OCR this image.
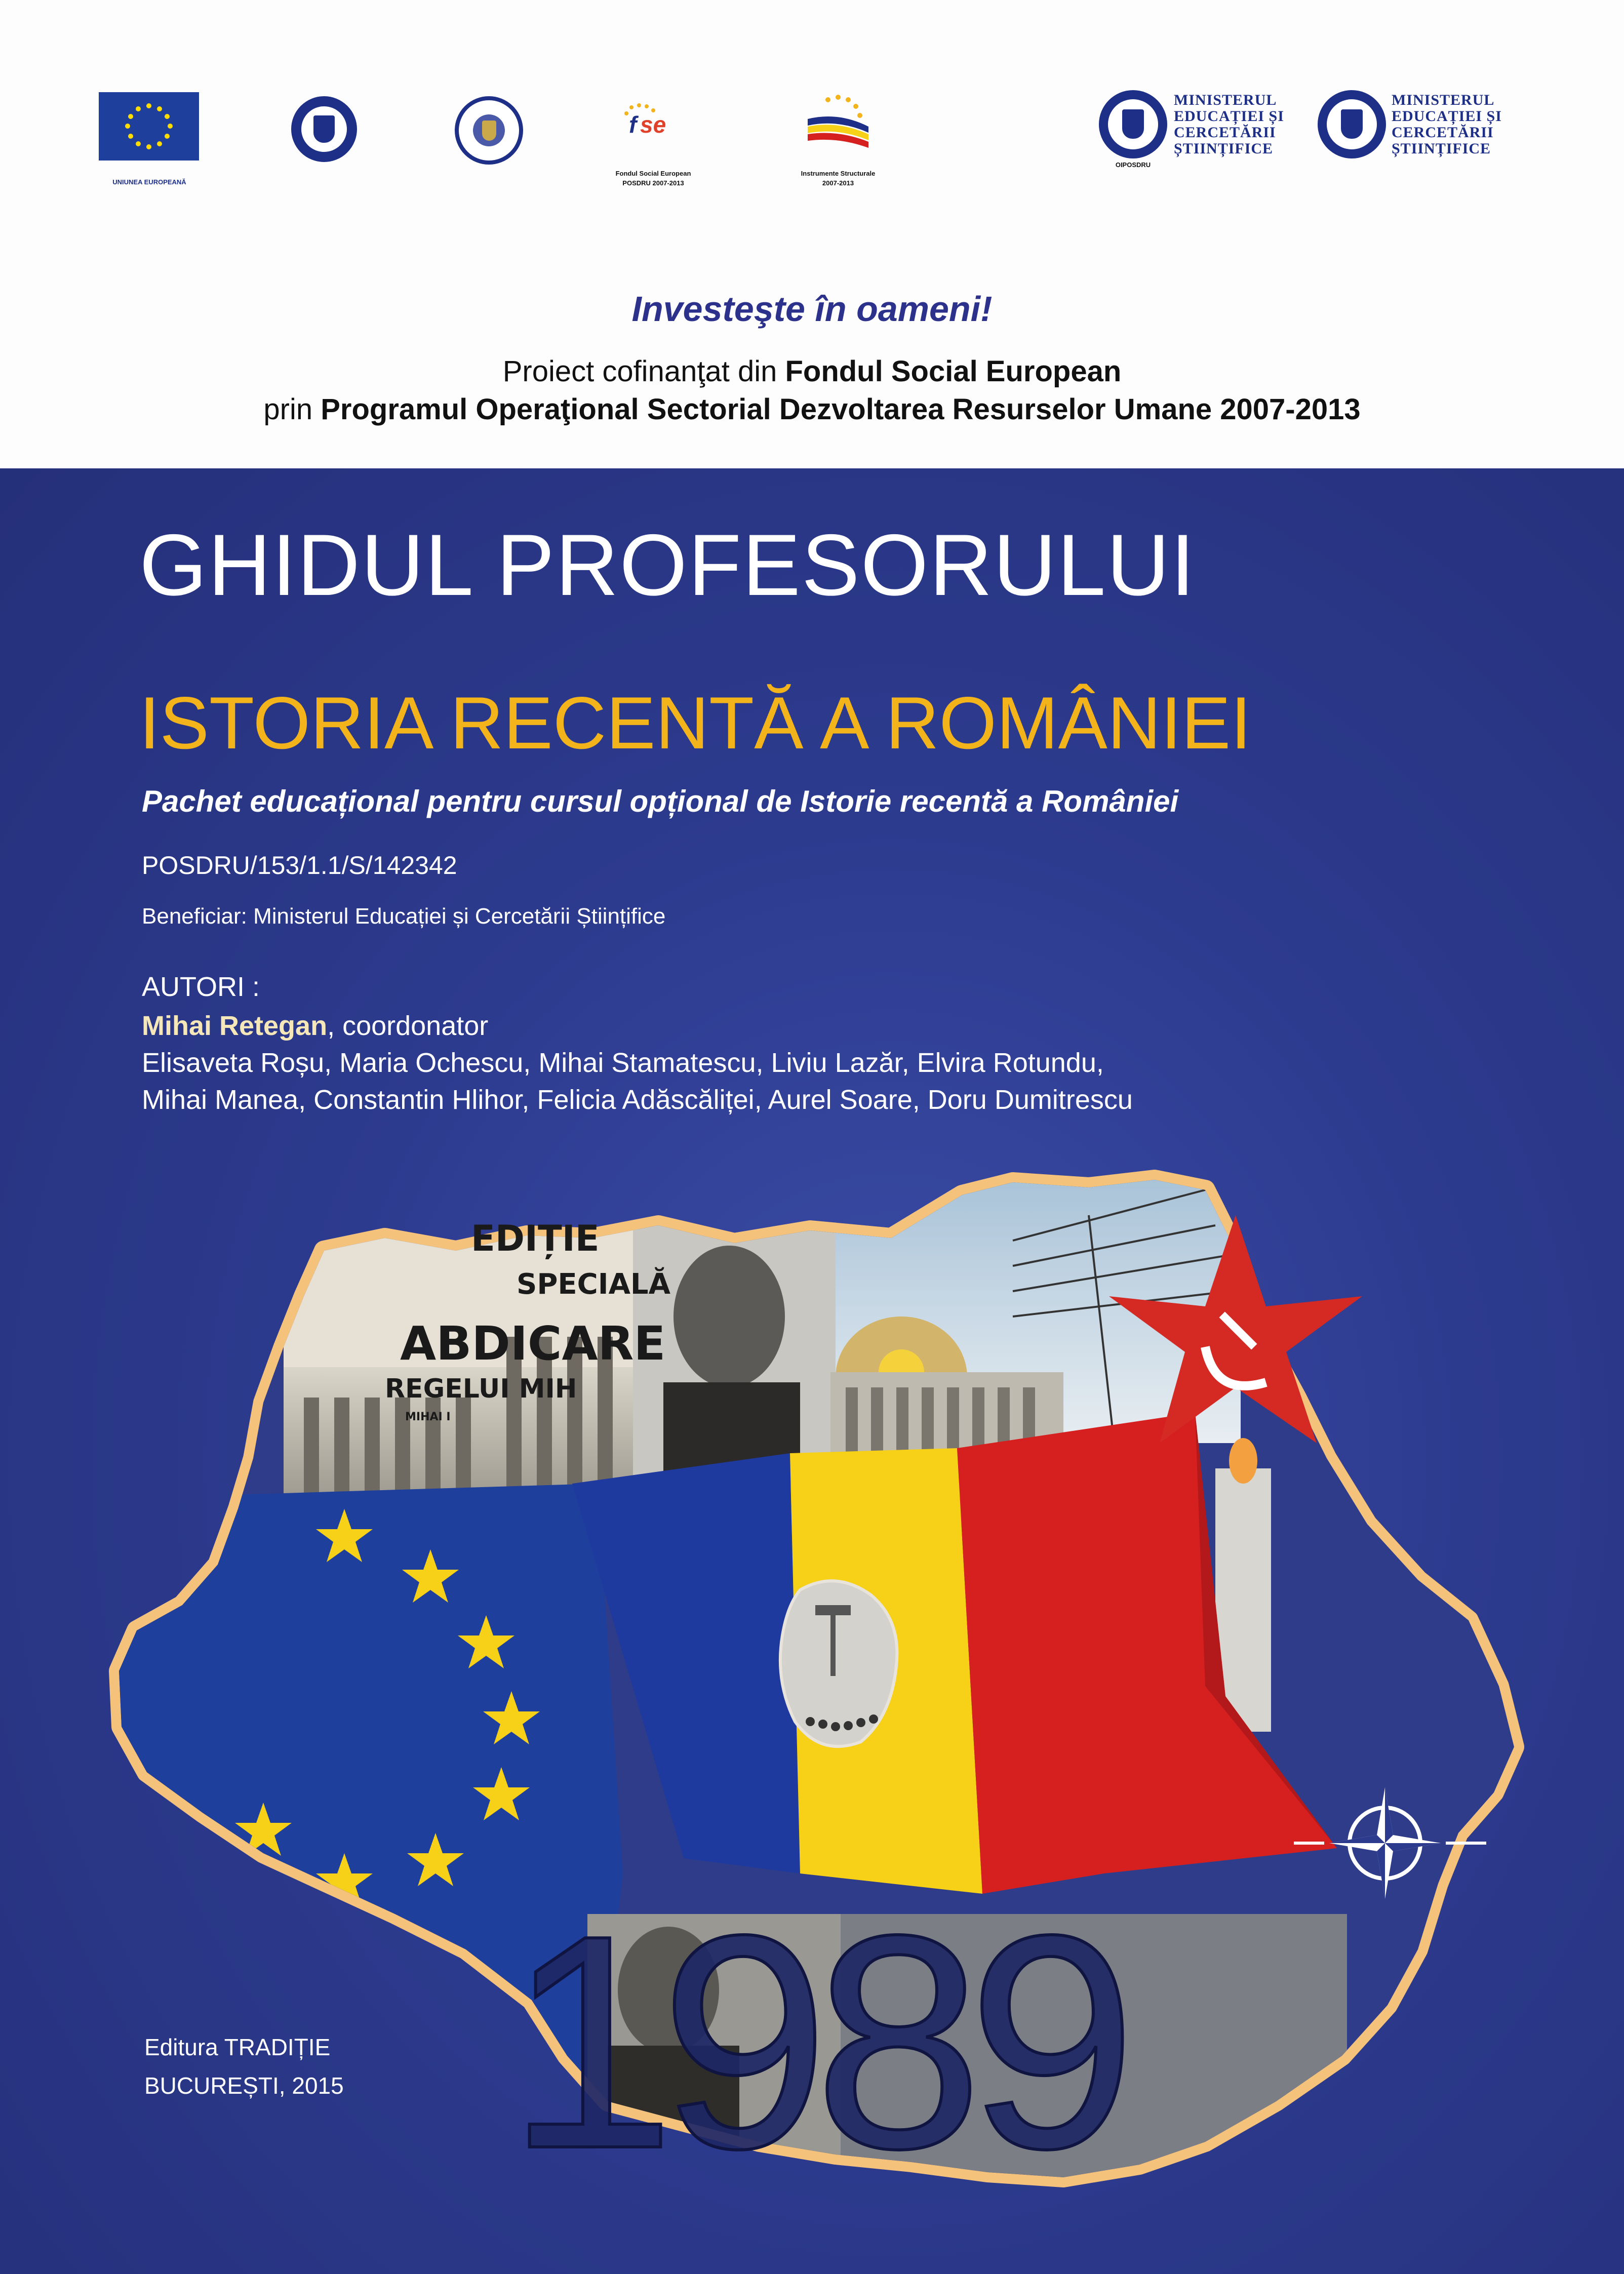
UNIUNEA EUROPEANĂ
f se
Fondul Social European
POSDRU 2007-2013
Instrumente Structurale
2007-2013
MINISTERUL
EDUCAȚIEI ȘI
CERCETĂRII
ȘTIINȚIFICE
OIPOSDRU
MINISTERUL
EDUCAȚIEI ȘI
CERCETĂRII
ȘTIINȚIFICE
Investeşte în oameni!
Proiect cofinanţat din Fondul Social European
prin Programul Operaţional Sectorial Dezvoltarea Resurselor Umane 2007-2013
EDIȚIE
SPECIALĂ
ABDICARE
REGELUI MIH
MIHAI I
1989
GHIDUL PROFESORULUI
ISTORIA RECENTĂ A ROMÂNIEI
Pachet educațional pentru cursul opțional de Istorie recentă a României
POSDRU/153/1.1/S/142342
Beneficiar: Ministerul Educației și Cercetării Științifice
AUTORI :
Mihai Retegan, coordonator
Elisaveta Roșu, Maria Ochescu, Mihai Stamatescu, Liviu Lazăr, Elvira Rotundu,
Mihai Manea, Constantin Hlihor, Felicia Adăscăliței, Aurel Soare, Doru Dumitrescu
Editura TRADIȚIE
BUCUREȘTI, 2015
